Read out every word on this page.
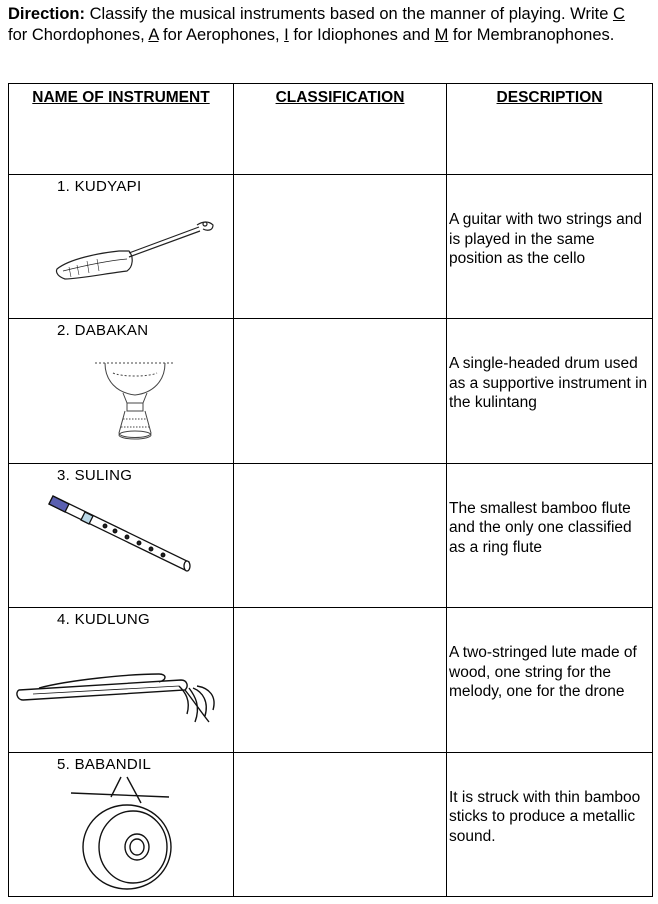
Direction: Classify the musical instruments based on the manner of playing. Write C for Chordophones, A for Aerophones, I for Idiophones and M for Membranophones.
NAME OF INSTRUMENT	CLASSIFICATION	DESCRIPTION

1. KUDYAPI		A guitar with two strings and is played in the same position as the cello

2. DABAKAN		A single-headed drum used as a supportive instrument in the kulintang

3. SULING		The smallest bamboo flute and the only one classified as a ring flute

4. KUDLUNG		A two-stringed lute made of wood, one string for the melody, one for the drone

5. BABANDIL		It is struck with thin bamboo sticks to produce a metallic sound.
